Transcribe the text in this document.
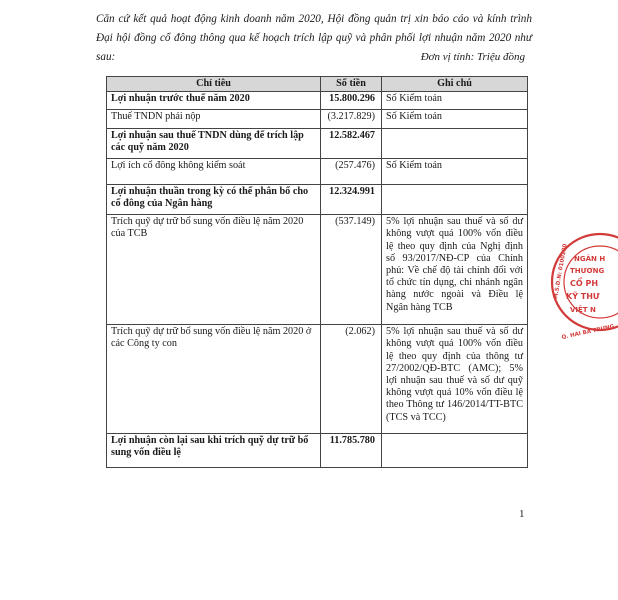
Căn cứ kết quả hoạt động kinh doanh năm 2020, Hội đồng quản trị xin báo cáo và kính trình Đại hội đồng cổ đông thông qua kế hoạch trích lập quỹ và phân phối lợi nhuận năm 2020 như sau:	Đơn vị tính: Triệu đồng
Chỉ tiêu	Số tiền	Ghi chú
Lợi nhuận trước thuế năm 2020	15.800.296	Số Kiểm toán
Thuế TNDN phải nộp	(3.217.829)	Số Kiểm toán
Lợi nhuận sau thuế TNDN dùng để trích lập các quỹ năm 2020	12.582.467	
Lợi ích cổ đông không kiểm soát	(257.476)	Số Kiểm toán
Lợi nhuận thuần trong kỳ có thể phân bổ cho cổ đông của Ngân hàng	12.324.991	
Trích quỹ dự trữ bổ sung vốn điều lệ năm 2020 của TCB	(537.149)	5% lợi nhuận sau thuế và số dư không vượt quá 100% vốn điều lệ theo quy định của Nghị định số 93/2017/NĐ-CP của Chính phủ: Về chế độ tài chính đối với tổ chức tín dụng, chi nhánh ngân hàng nước ngoài và Điều lệ Ngân hàng TCB
Trích quỹ dự trữ bổ sung vốn điều lệ năm 2020 ở các Công ty con	(2.062)	5% lợi nhuận sau thuế và số dư không vượt quá 100% vốn điều lệ theo quy định của thông tư 27/2002/QĐ-BTC (AMC); 5% lợi nhuận sau thuế và số dư quỹ không vượt quá 10% vốn điều lệ theo Thông tư 146/2014/TT-BTC (TCS và TCC)
Lợi nhuận còn lại sau khi trích quỹ dự trữ bổ sung vốn điều lệ	11.785.780	
1
NGÂN H
THƯƠNG
CỔ PH
KỸ THƯ
VIỆT N
M.S.D.N: 0100230
Q. HAI BÀ TRƯNG
